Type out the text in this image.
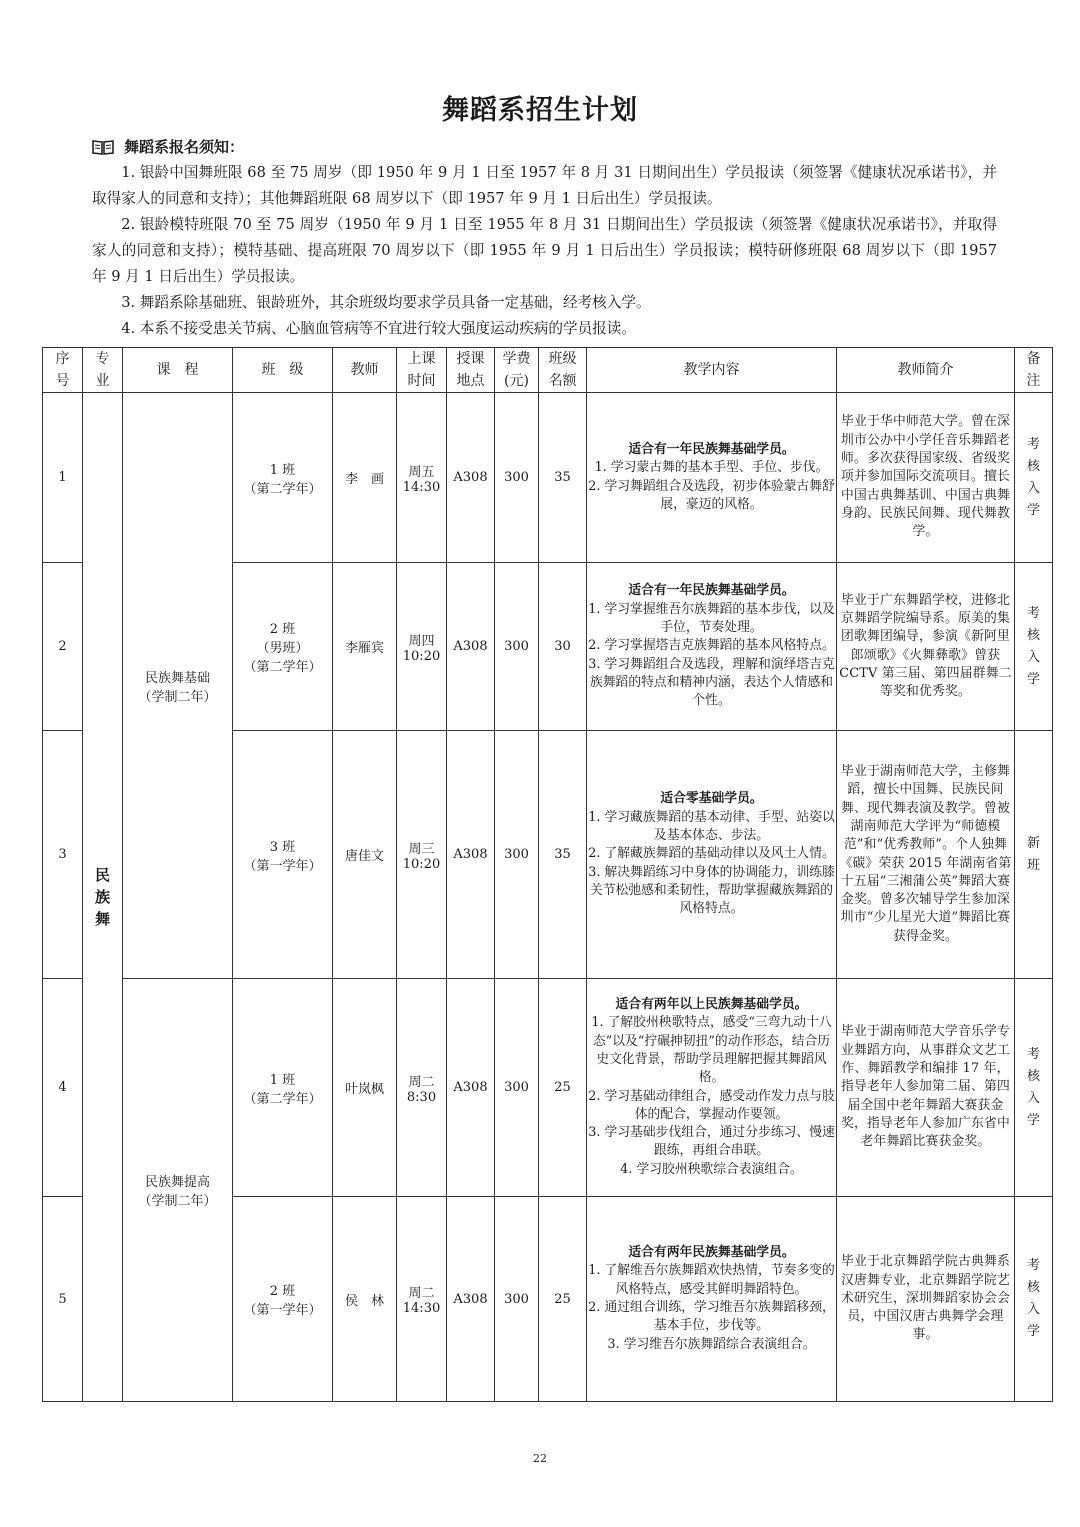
舞蹈系招生计划
舞蹈系报名须知：

1. 银龄中国舞班限 68 至 75 周岁（即 1950 年 9 月 1 日至 1957 年 8 月 31 日期间出生）学员报读（须签署《健康状况承诺书》，并取得家人的同意和支持）；其他舞蹈班限 68 周岁以下（即 1957 年 9 月 1 日后出生）学员报读。

2. 银龄模特班限 70 至 75 周岁（1950 年 9 月 1 日至 1955 年 8 月 31 日期间出生）学员报读（须签署《健康状况承诺书》，并取得家人的同意和支持）；模特基础、提高班限 70 周岁以下（即 1955 年 9 月 1 日后出生）学员报读；模特研修班限 68 周岁以下（即 1957 年 9 月 1 日后出生）学员报读。

3. 舞蹈系除基础班、银龄班外，其余班级均要求学员具备一定基础，经考核入学。

4. 本系不接受患关节病、心脑血管病等不宜进行较大强度运动疾病的学员报读。

序号	专业	课　程	班　级	教师	上课时间	授课地点	学费(元)	班级名额	教学内容	教师简介	备注
1	民族舞	民族舞基础
（学制二年）	1 班
（第二学年）	李　画	周五
14:30	A308	300	35	适合有一年民族舞基础学员。
1. 学习蒙古舞的基本手型、手位、步伐。
2. 学习舞蹈组合及选段，初步体验蒙古舞舒展，豪迈的风格。	毕业于华中师范大学。曾在深圳市公办中小学任音乐舞蹈老师。多次获得国家级、省级奖项并参加国际交流项目。擅长中国古典舞基训、中国古典舞身韵、民族民间舞、现代舞教学。	考核入学
2			2 班
（男班）
（第二学年）	李雁宾	周四
10:20	A308	300	30	适合有一年民族舞基础学员。
1. 学习掌握维吾尔族舞蹈的基本步伐，以及手位，节奏处理。
2. 学习掌握塔吉克族舞蹈的基本风格特点。
3. 学习舞蹈组合及选段，理解和演绎塔吉克族舞蹈的特点和精神内涵，表达个人情感和个性。	毕业于广东舞蹈学校，进修北京舞蹈学院编导系。原美的集团歌舞团编导，参演《新阿里郎颂歌》《火舞彝歌》曾获 CCTV 第三届、第四届群舞二等奖和优秀奖。	考核入学
3			3 班
（第一学年）	唐佳文	周三
10:20	A308	300	35	适合零基础学员。
1. 学习藏族舞蹈的基本动律、手型、站姿以及基本体态、步法。
2. 了解藏族舞蹈的基础动律以及风土人情。
3. 解决舞蹈练习中身体的协调能力，训练膝关节松弛感和柔韧性，帮助掌握藏族舞蹈的风格特点。	毕业于湖南师范大学，主修舞蹈，擅长中国舞、民族民间舞、现代舞表演及教学。曾被湖南师范大学评为“师德模范”和“优秀教师”。个人独舞《碳》荣获 2015 年湖南省第十五届“三湘蒲公英”舞蹈大赛金奖。曾多次辅导学生参加深圳市“少儿星光大道”舞蹈比赛获得金奖。	新班
4		民族舞提高
（学制二年）	1 班
（第二学年）	叶岚枫	周二
8:30	A308	300	25	适合有两年以上民族舞基础学员。
1. 了解胶州秧歌特点，感受“三弯九动十八态”以及“拧碾抻韧扭”的动作形态，结合历史文化背景，帮助学员理解把握其舞蹈风格。
2. 学习基础动律组合，感受动作发力点与肢体的配合，掌握动作要领。
3. 学习基础步伐组合，通过分步练习、慢速跟练，再组合串联。
4. 学习胶州秧歌综合表演组合。	毕业于湖南师范大学音乐学专业舞蹈方向，从事群众文艺工作、舞蹈教学和编排 17 年，指导老年人参加第二届、第四届全国中老年舞蹈大赛获金奖，指导老年人参加广东省中老年舞蹈比赛获金奖。	考核入学
5			2 班
（第一学年）	侯　林	周二
14:30	A308	300	25	适合有两年民族舞基础学员。
1. 了解维吾尔族舞蹈欢快热情，节奏多变的风格特点，感受其鲜明舞蹈特色。
2. 通过组合训练，学习维吾尔族舞蹈移颈，基本手位，步伐等。
3. 学习维吾尔族舞蹈综合表演组合。	毕业于北京舞蹈学院古典舞系汉唐舞专业，北京舞蹈学院艺术研究生，深圳舞蹈家协会会员，中国汉唐古典舞学会理事。	考核入学
22
